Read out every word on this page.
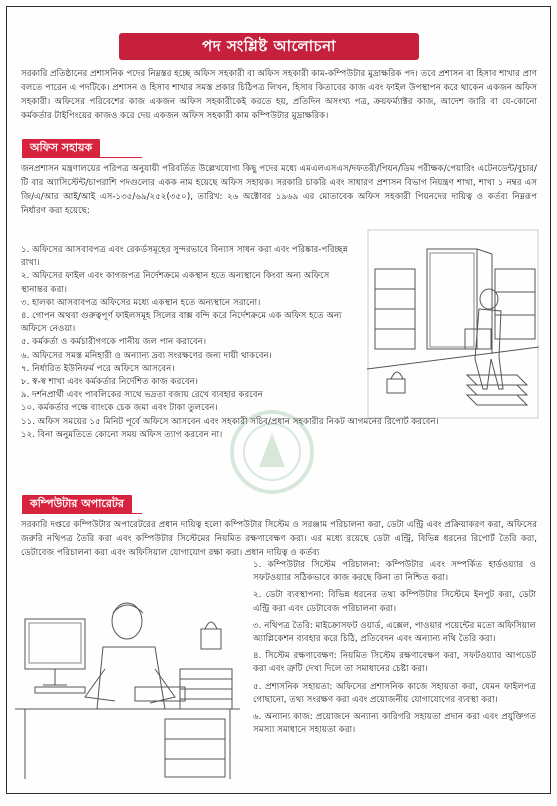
পদ সংশ্লিষ্ট আলোচনা

সরকারি প্রতিষ্ঠানের প্রশাসনিক পদের নিম্নস্তর হচ্ছে অফিস সহকারী বা অফিস সহকারী কাম-কম্পিউটার মুদ্রাক্ষরিক পদ। তবে প্রশাসন বা হিসাব শাখার প্রাণ বলতে পারেন এ পদটিকে। প্রশাসন ও হিসাব শাখার সমস্ত প্রকার চিঠিপত্র লিখন, হিসাব কিতাবের কাজ এবং ফাইল উপস্থাপন করে থাকেন একজন অফিস সহকারী। অফিসের পরিবেশের কাজ একজন অফিস সহকারীকেই করতে হয়, প্রতিদিন অসংখ্য পত্র, ক্রয়ফর্ম্যাক্টর কাজ, আদেশ জারি বা যে-কোনো কর্মকর্তার টাইপিংয়ের কাজও করে দেয় একজন অফিস সহকারী কাম কম্পিউটার মুদ্রাক্ষরিক।

অফিস সহায়ক

জনপ্রশাসন মন্ত্রণালয়ের পরিপত্র অনুযায়ী পরিবর্তিত উল্লেখযোগ্য কিছু পদের মধ্যে এমএলএসএস/দফতরী/পিয়ন/ডিম পরীক্ষক/পেয়ারিং এটেনডেন্ট/বুচার/টি বার অ্যাসিস্টেন্ট/চাপরাশি পদগুলোর একক নাম হয়েছে অফিস সহায়ক। সরকারি চাকরি এবং সাধারণ প্রশাসন বিভাগ নিয়ন্ত্রণ শাখা, শাখা ১ নম্বর এস জি/এ/আর আই/আই এস-১৩৫/৬৯/২৫২(৩৫০), তারিখ: ২৬ অক্টোবর ১৯৬৯ এর মোতাবেক অফিস সহকারী পিয়নদের দায়িত্ব ও কর্তব্য নিম্নরূপ নির্ধারণ করা হয়েছে:

১. অফিসের আসবাবপত্র এবং রেকর্ডসমূহের সুন্দরভাবে বিন্যাস সাধন করা এবং পরিষ্কার-পরিচ্ছন্ন রাখা।
২. অফিসের ফাইল এবং কাগজপত্র নির্দেশক্রমে একস্থান হতে অন্যস্থানে কিংবা অন্য অফিসে স্থানান্তর করা।
৩. হালকা আসবাবপত্র অফিসের মধ্যে একস্থান হতে অন্যস্থানে সরানো।
৪. গোপন অথবা গুরুত্বপূর্ণ ফাইলসমূহ সিলের বাক্স বন্দি করে নির্দেশক্রমে এক অফিস হতে অন্য অফিসে নেওয়া।
৫. কর্মকর্তা ও কর্মচারীগণকে পানীয় জল পান করাবেন।
৬. অফিসের সমস্ত মনিহারী ও অন্যান্য দ্রব্য সংরক্ষণের জন্য দায়ী থাকবেন।
৭. নির্ধারিত ইউনিফর্ম পরে অফিসে আসবেন।
৮. স্ব-স্ব শাখা এবং কর্মকর্তার নির্দেশিত কাজ করবেন।
৯. দর্শনপ্রার্থী এবং পাবলিকের সাথে ভদ্রতা বজায় রেখে ব্যবহার করবেন
১০. কর্মকর্তার পক্ষে ব্যাংকে চেক জমা এবং টাকা তুলবেন।
১১. অফিস সময়ের ১৫ মিনিট পূর্বে অফিসে আসবেন এবং সহকারী সচিব/প্রধান সহকারীর নিকট আগমনের রিপোর্ট করবেন।
১২. বিনা অনুমতিতে কোনো সময় অফিস ত্যাগ করবেন না।
কম্পিউটার অপারেটর

সরকারি দপ্তরে কম্পিউটার অপারেটরের প্রধান দায়িত্ব হলো কম্পিউটার সিস্টেম ও সরঞ্জাম পরিচালনা করা, ডেটা এন্ট্রি এবং প্রক্রিয়াকরণ করা, অফিসের জরুরি নথিপত্র তৈরি করা এবং কম্পিউটার সিস্টেমের নিয়মিত রক্ষণাবেক্ষণ করা। এর মধ্যে রয়েছে ডেটা এন্ট্রি, বিভিন্ন ধরনের রিপোর্ট তৈরি করা, ডেটাবেজ পরিচালনা করা এবং অফিসিয়াল যোগাযোগ রক্ষা করা। প্রধান দায়িত্ব ও কর্তব্য

১. কম্পিউটার সিস্টেম পরিচালনা: কম্পিউটার এবং সম্পর্কিত হার্ডওয়্যার ও সফটওয়্যার সঠিকভাবে কাজ করছে কিনা তা নিশ্চিত করা।
২. ডেটা ব্যবস্থাপনা: বিভিন্ন ধরনের তথ্য কম্পিউটার সিস্টেমে ইনপুট করা, ডেটা এন্ট্রি করা এবং ডেটাবেজ পরিচালনা করা।
৩. নথিপত্র তৈরি: মাইক্রোসফট ওয়ার্ড, এক্সেল, পাওয়ার পয়েন্টের মতো অফিসিয়াল অ্যাপ্লিকেশন ব্যবহার করে চিঠি, প্রতিবেদন এবং অন্যান্য নথি তৈরি করা।
৪. সিস্টেম রক্ষণাবেক্ষণ: নিয়মিত সিস্টেম রক্ষণাবেক্ষণ করা, সফটওয়্যার আপডেট করা এবং ত্রুটি দেখা দিলে তা সমাধানের চেষ্টা করা।
৫. প্রশাসনিক সহায়তা: অফিসের প্রশাসনিক কাজে সহায়তা করা, যেমন ফাইলপত্র গোছানো, তথ্য সংরক্ষণ করা এবং প্রয়োজনীয় যোগাযোগের ব্যবস্থা করা।
৬. অন্যান্য কাজ: প্রয়োজনে অন্যান্য কারিগরি সহায়তা প্রদান করা এবং প্রযুক্তিগত সমস্যা সমাধানে সহায়তা করা।
